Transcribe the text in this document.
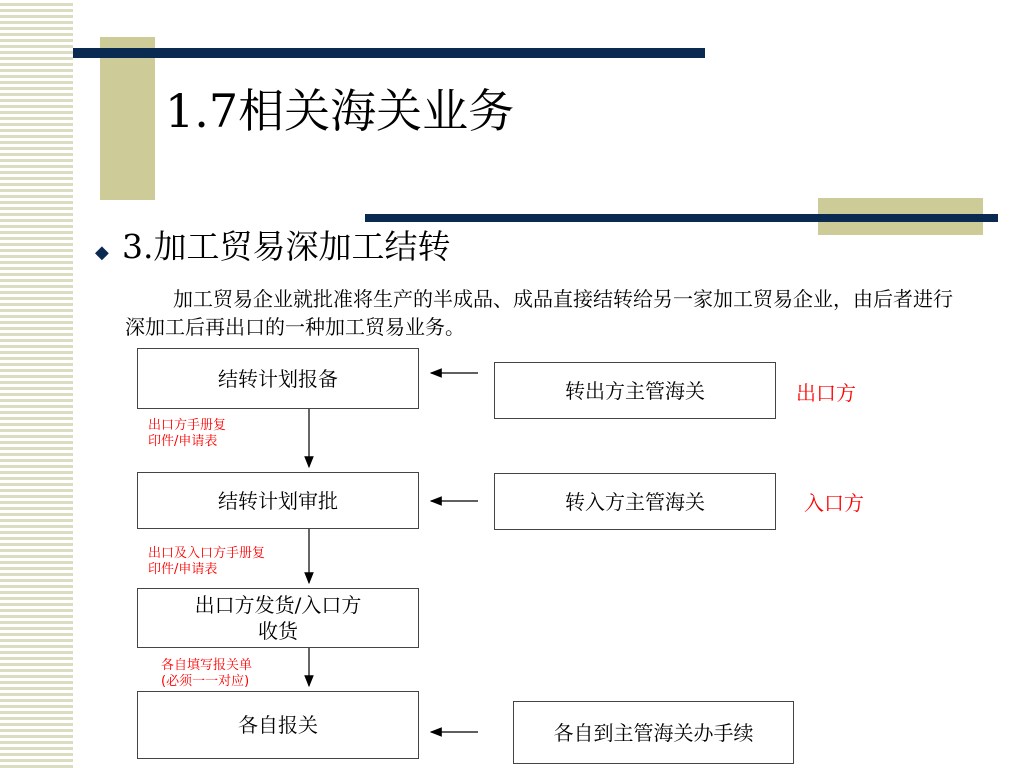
1.7相关海关业务
◆ 3.加工贸易深加工结转
加工贸易企业就批准将生产的半成品、成品直接结转给另一家加工贸易企业，由后者进行深加工后再出口的一种加工贸易业务。
结转计划报备
结转计划审批
出口方发货/入口方
收货
各自报关
转出方主管海关
转入方主管海关
各自到主管海关办手续
出口方
入口方
出口方手册复
印件/申请表
出口及入口方手册复
印件/申请表
各自填写报关单
(必须一一对应)
